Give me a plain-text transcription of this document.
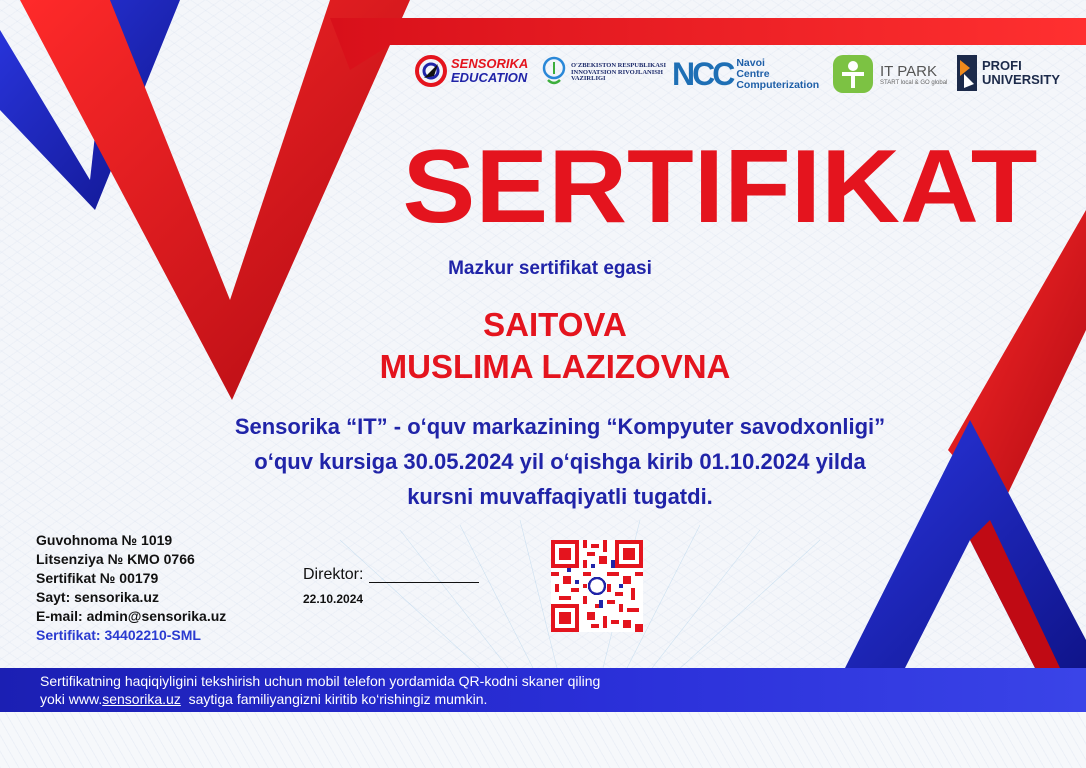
SENSORIKA
EDUCATION
O'ZBEKISTON RESPUBLIKASI
INNOVATSION RIVOJLANISH
VAZIRLIGI	NCC Navoi
Centre
Computerization
IT PARK
START local & GO global
PROFI
UNIVERSITY
SERTIFIKAT
Mazkur sertifikat egasi
SAITOVA
MUSLIMA LAZIZOVNA
Sensorika “IT” - o‘quv markazining “Kompyuter savodxonligi”
o‘quv kursiga 30.05.2024 yil o‘qishga kirib 01.10.2024 yilda
kursni muvaffaqiyatli tugatdi.
Guvohnoma № 1019
Litsenziya № KMO 0766
Sertifikat № 00179
Sayt: sensorika.uz
E-mail: admin@sensorika.uz
Sertifikat: 34402210-SML
Direktor:
22.10.2024
Sertifikatning haqiqiyligini tekshirish uchun mobil telefon yordamida QR-kodni skaner qiling
yoki www.sensorika.uz  saytiga familiyangizni kiritib ko‘rishingiz mumkin.
